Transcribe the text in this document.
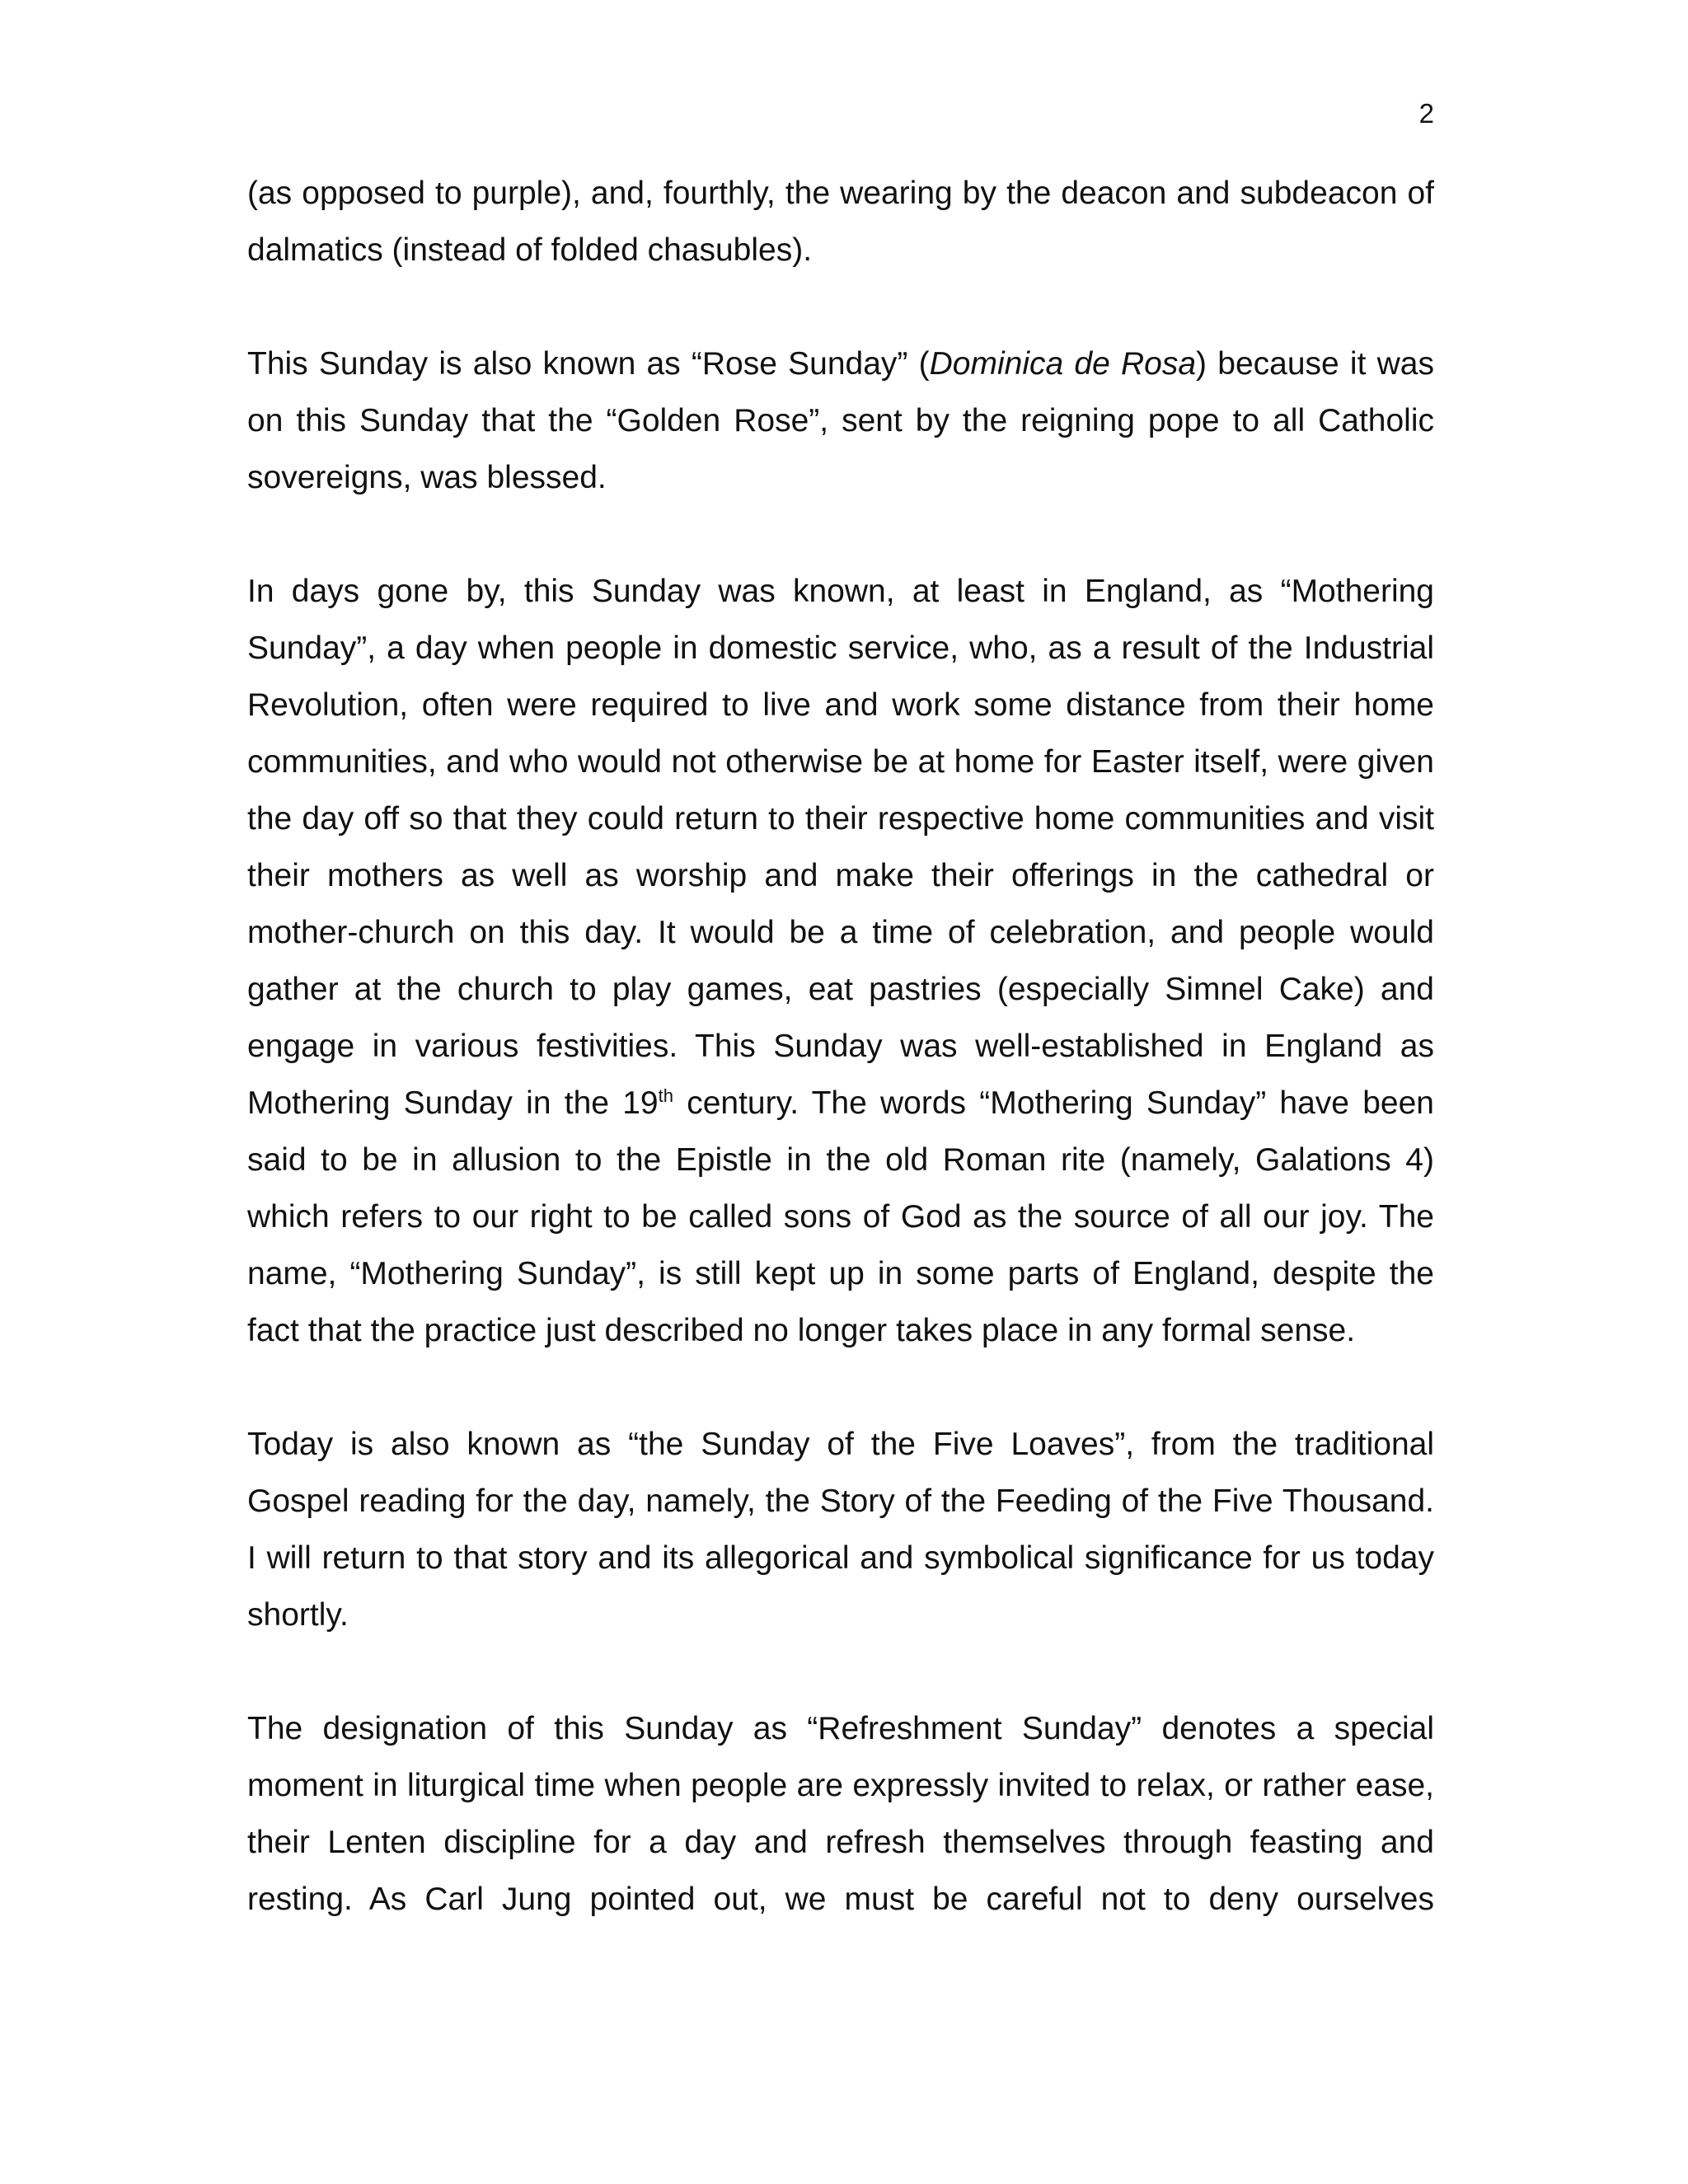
2

(as opposed to purple), and, fourthly, the wearing by the deacon and subdeacon of dalmatics (instead of folded chasubles).

This Sunday is also known as “Rose Sunday” (Dominica de Rosa) because it was on this Sunday that the “Golden Rose”, sent by the reigning pope to all Catholic sovereigns, was blessed.

In days gone by, this Sunday was known, at least in England, as “Mothering Sunday”, a day when people in domestic service, who, as a result of the Industrial Revolution, often were required to live and work some distance from their home communities, and who would not otherwise be at home for Easter itself, were given the day off so that they could return to their respective home communities and visit their mothers as well as worship and make their offerings in the cathedral or mother-church on this day. It would be a time of celebration, and people would gather at the church to play games, eat pastries (especially Simnel Cake) and engage in various festivities. This Sunday was well-established in England as Mothering Sunday in the 19th century. The words “Mothering Sunday” have been said to be in allusion to the Epistle in the old Roman rite (namely, Galations 4) which refers to our right to be called sons of God as the source of all our joy. The name, “Mothering Sunday”, is still kept up in some parts of England, despite the fact that the practice just described no longer takes place in any formal sense.

Today is also known as “the Sunday of the Five Loaves”, from the traditional Gospel reading for the day, namely, the Story of the Feeding of the Five Thousand. I will return to that story and its allegorical and symbolical significance for us today shortly.

The designation of this Sunday as “Refreshment Sunday” denotes a special moment in liturgical time when people are expressly invited to relax, or rather ease, their Lenten discipline for a day and refresh themselves through feasting and resting. As Carl Jung pointed out, we must be careful not to deny ourselves
